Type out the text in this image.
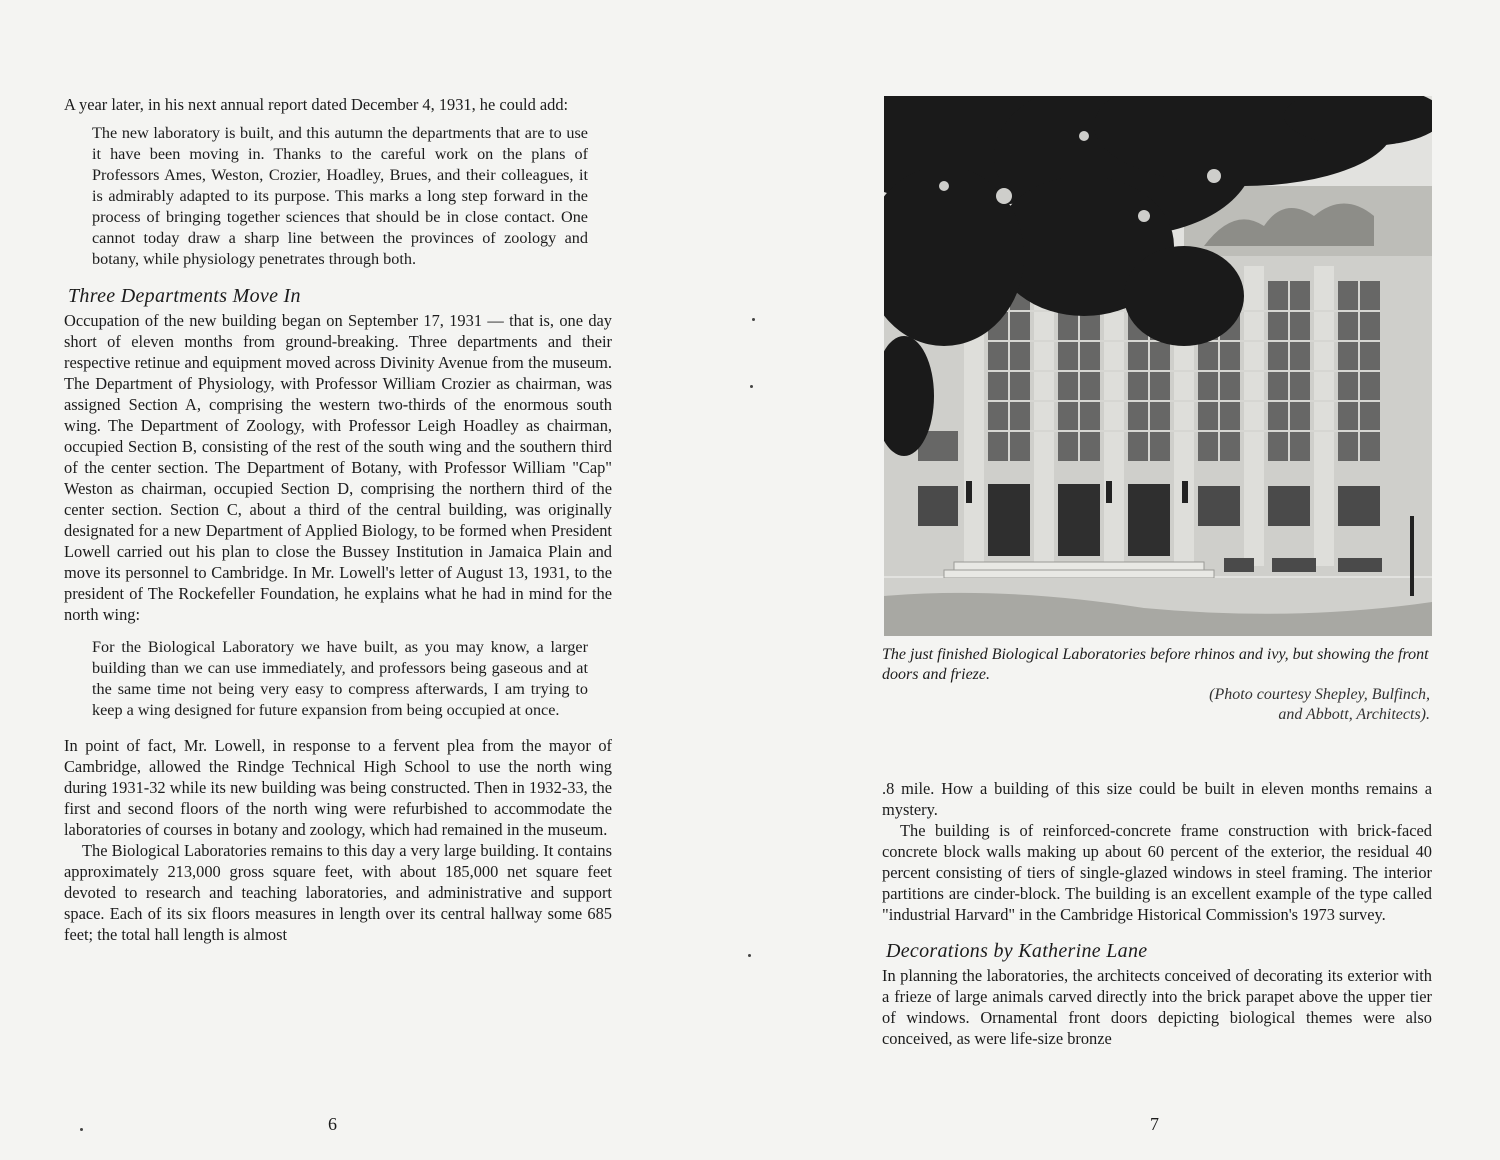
A year later, in his next annual report dated December 4, 1931, he could add:

The new laboratory is built, and this autumn the departments that are to use it have been moving in. Thanks to the careful work on the plans of Professors Ames, Weston, Crozier, Hoadley, Brues, and their colleagues, it is admirably adapted to its purpose. This marks a long step forward in the process of bringing together sciences that should be in close contact. One cannot today draw a sharp line between the provinces of zoology and botany, while physiology penetrates through both.

Three Departments Move In

Occupation of the new building began on September 17, 1931 — that is, one day short of eleven months from ground-breaking. Three departments and their respective retinue and equipment moved across Divinity Avenue from the museum. The Department of Physiology, with Professor William Crozier as chairman, was assigned Section A, comprising the western two-thirds of the enormous south wing. The Department of Zoology, with Professor Leigh Hoadley as chairman, occupied Section B, consisting of the rest of the south wing and the southern third of the center section. The Department of Botany, with Professor William "Cap" Weston as chairman, occupied Section D, comprising the northern third of the center section. Section C, about a third of the central building, was originally designated for a new Department of Applied Biology, to be formed when President Lowell carried out his plan to close the Bussey Institution in Jamaica Plain and move its personnel to Cambridge. In Mr. Lowell's letter of August 13, 1931, to the president of The Rockefeller Foundation, he explains what he had in mind for the north wing:

For the Biological Laboratory we have built, as you may know, a larger building than we can use immediately, and professors being gaseous and at the same time not being very easy to compress afterwards, I am trying to keep a wing designed for future expansion from being occupied at once.

In point of fact, Mr. Lowell, in response to a fervent plea from the mayor of Cambridge, allowed the Rindge Technical High School to use the north wing during 1931-32 while its new building was being constructed. Then in 1932-33, the first and second floors of the north wing were refurbished to accommodate the laboratories of courses in botany and zoology, which had remained in the museum.

The Biological Laboratories remains to this day a very large building. It contains approximately 213,000 gross square feet, with about 185,000 net square feet devoted to research and teaching laboratories, and administrative and support space. Each of its six floors measures in length over its central hallway some 685 feet; the total hall length is almost

6
The just finished Biological Laboratories before rhinos and ivy, but showing the front doors and frieze.
(Photo courtesy Shepley, Bulfinch,
and Abbott, Architects).

.8 mile. How a building of this size could be built in eleven months remains a mystery.

The building is of reinforced-concrete frame construction with brick-faced concrete block walls making up about 60 percent of the exterior, the residual 40 percent consisting of tiers of single-glazed windows in steel framing. The interior partitions are cinder-block. The building is an excellent example of the type called "industrial Harvard" in the Cambridge Historical Commission's 1973 survey.

Decorations by Katherine Lane

In planning the laboratories, the architects conceived of decorating its exterior with a frieze of large animals carved directly into the brick parapet above the upper tier of windows. Ornamental front doors depicting biological themes were also conceived, as were life-size bronze

7
